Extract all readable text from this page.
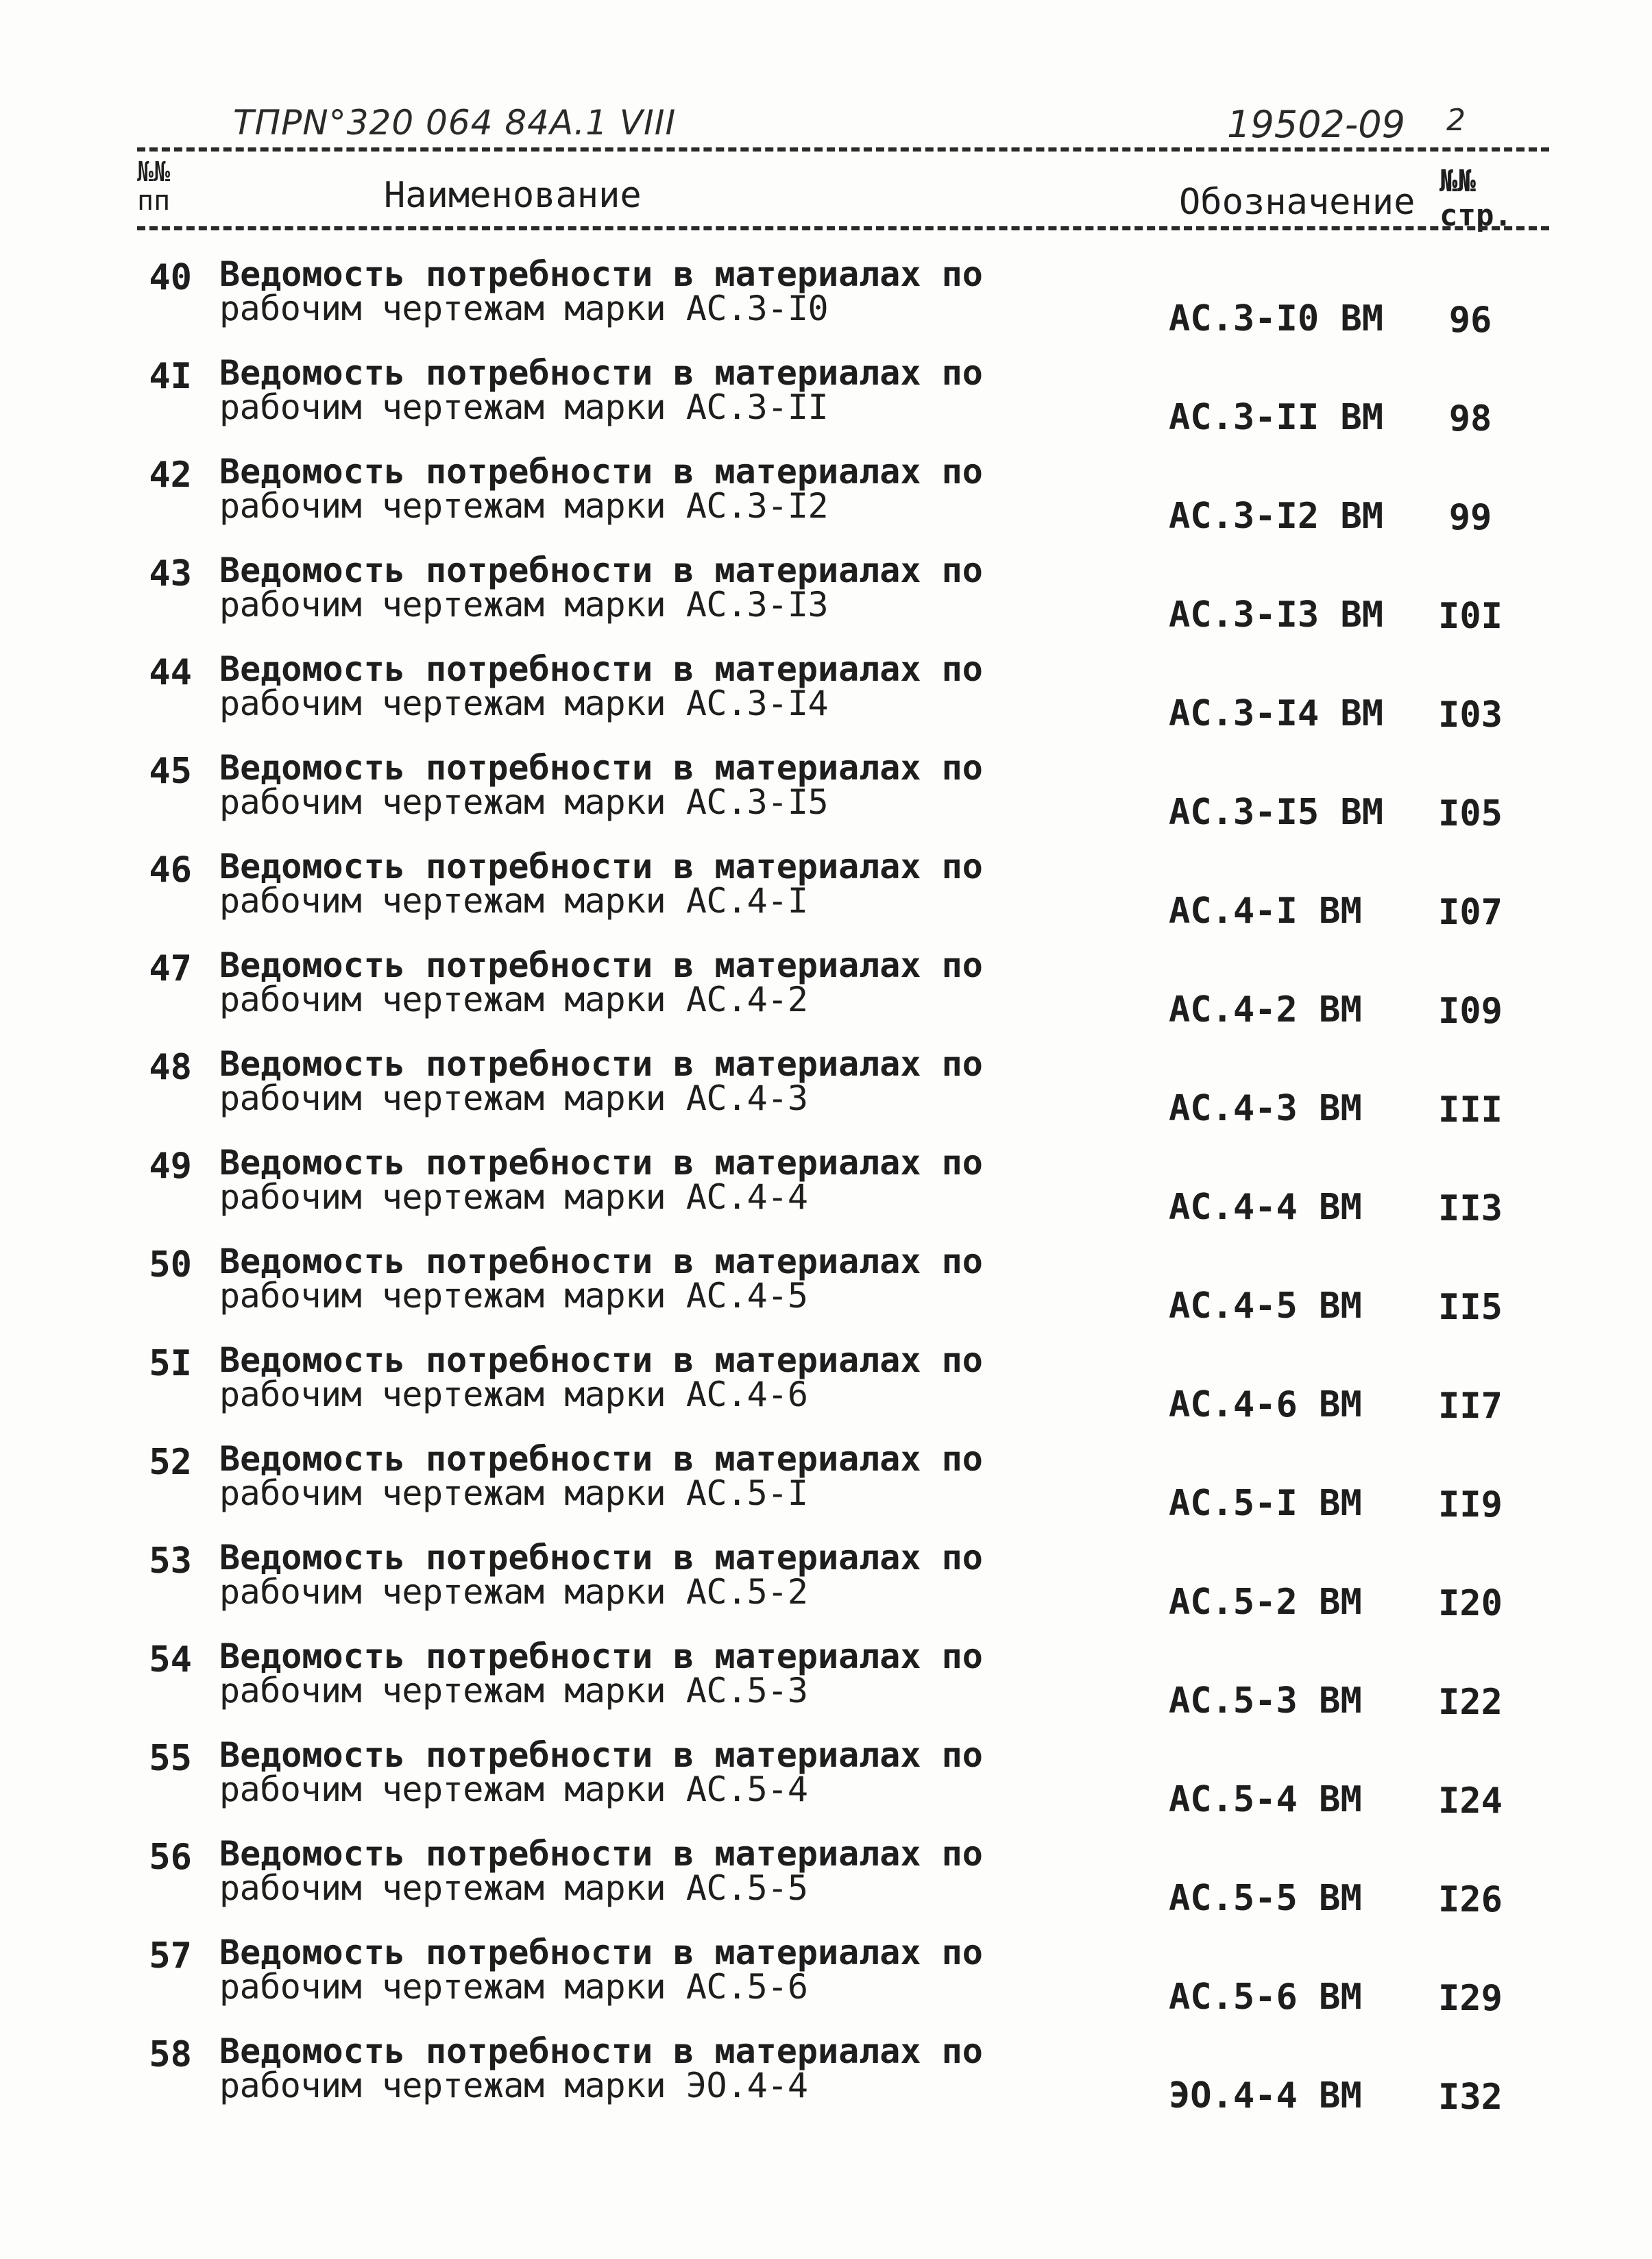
ТПРN°320 064 84А.1 VIII	19502-09 2
№№
пп	Наименование	Обозначение
№№
стр.
40 Ведомость потребности в материалах по
рабочим чертежам марки АС.3-I0	АС.3-I0 ВМ	96
4I Ведомость потребности в материалах по
рабочим чертежам марки АС.3-II	АС.3-II ВМ	98
42 Ведомость потребности в материалах по
рабочим чертежам марки АС.3-I2	АС.3-I2 ВМ	99
43 Ведомость потребности в материалах по
рабочим чертежам марки АС.3-I3	АС.3-I3 ВМ I0I
44 Ведомость потребности в материалах по
рабочим чертежам марки АС.3-I4	АС.3-I4 ВМ I03
45 Ведомость потребности в материалах по
рабочим чертежам марки АС.3-I5	АС.3-I5 ВМ I05
46 Ведомость потребности в материалах по
рабочим чертежам марки АС.4-I	АС.4-I ВМ I07
47 Ведомость потребности в материалах по
рабочим чертежам марки АС.4-2	АС.4-2 ВМ I09
48 Ведомость потребности в материалах по
рабочим чертежам марки АС.4-3	АС.4-3 ВМ III
49 Ведомость потребности в материалах по
рабочим чертежам марки АС.4-4	АС.4-4 ВМ II3
50 Ведомость потребности в материалах по
рабочим чертежам марки АС.4-5	АС.4-5 ВМ II5
5I Ведомость потребности в материалах по
рабочим чертежам марки АС.4-6	АС.4-6 ВМ II7
52 Ведомость потребности в материалах по
рабочим чертежам марки АС.5-I	АС.5-I ВМ II9
53 Ведомость потребности в материалах по
рабочим чертежам марки АС.5-2	АС.5-2 ВМ I20
54 Ведомость потребности в материалах по
рабочим чертежам марки АС.5-3	АС.5-3 ВМ I22
55 Ведомость потребности в материалах по
рабочим чертежам марки АС.5-4	АС.5-4 ВМ I24
56 Ведомость потребности в материалах по
рабочим чертежам марки АС.5-5	АС.5-5 ВМ I26
57 Ведомость потребности в материалах по
рабочим чертежам марки АС.5-6	АС.5-6 ВМ I29
58 Ведомость потребности в материалах по
рабочим чертежам марки ЭО.4-4	ЭО.4-4 ВМ I32
